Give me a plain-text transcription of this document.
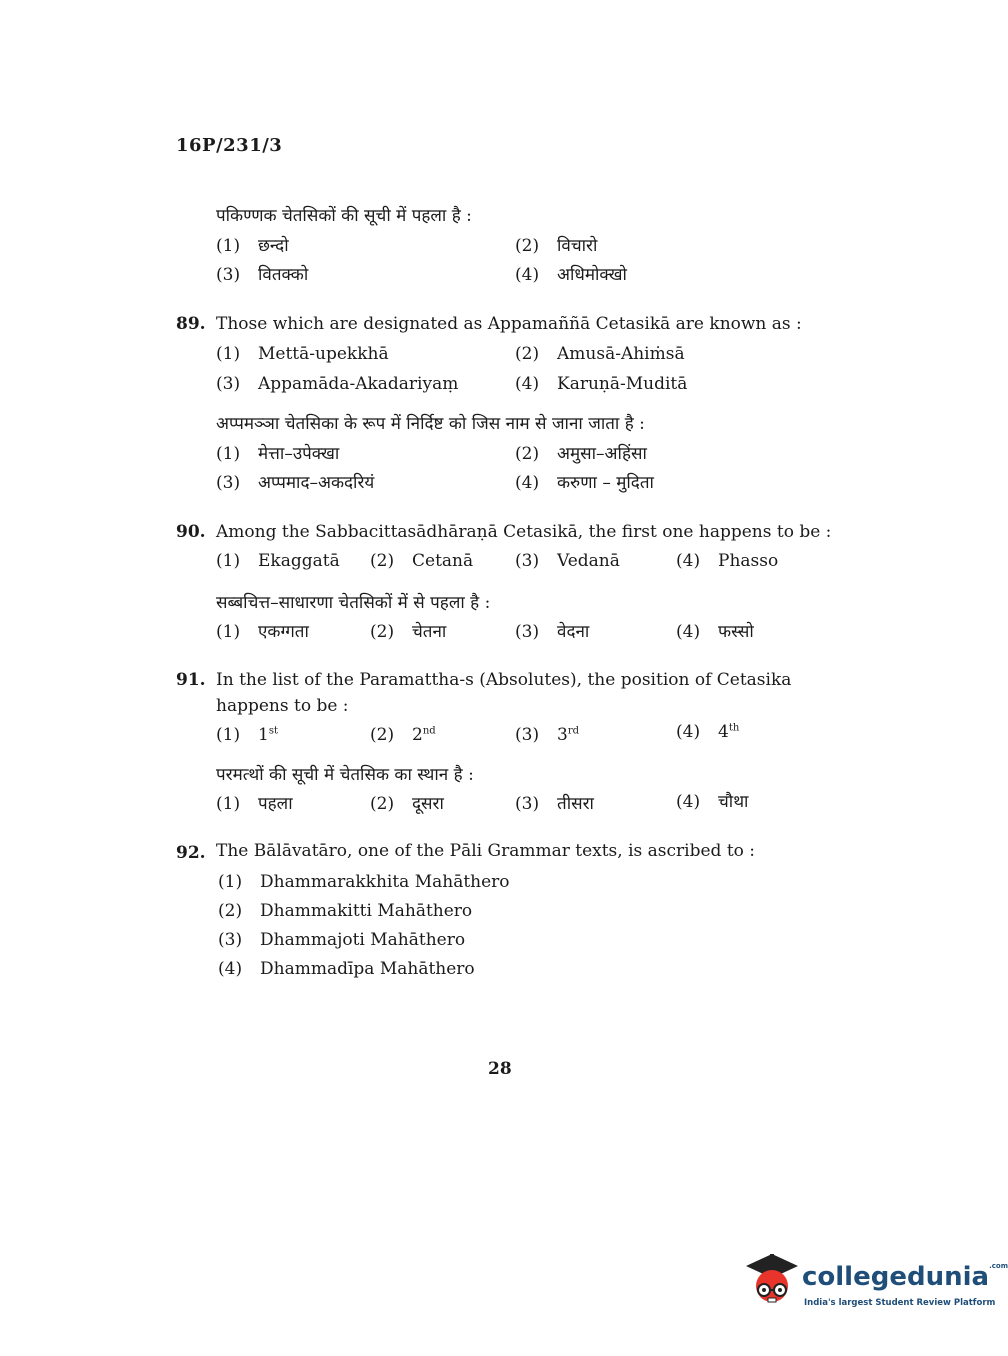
16P/231/3
पकिण्णक चेतसिकों की सूची में पहला है :
(1) छन्दो	(2) विचारो
(3) वितक्को	(4) अधिमोक्खो
89. Those which are designated as Appamaññā Cetasikā are known as :
(1) Mettā-upekkhā	(2) Amusā-Ahiṁsā
(3) Appamāda-Akadariyaṃ	(4) Karuṇā-Muditā
अप्पमञ्ञा चेतसिका के रूप में निर्दिष्ट को जिस नाम से जाना जाता है :
(1) मेत्ता–उपेक्खा	(2) अमुसा–अहिंसा
(3) अप्पमाद–अकदरियं	(4) करुणा – मुदिता
90. Among the Sabbacittasādhāraṇā Cetasikā, the first one happens to be :
(1) Ekaggatā (2) Cetanā (3) Vedanā	(4) Phasso
सब्बचित्त–साधारणा चेतसिकों में से पहला है :
(1) एकग्गता	(2) चेतना	(3) वेदना	(4) फस्सो
91. In the list of the Paramattha-s (Absolutes), the position of Cetasika
happens to be :
(1) 1st	(2) 2nd	(3) 3rd	(4) 4th
परमत्थों की सूची में चेतसिक का स्थान है :
(1) पहला	(2) दूसरा	(3) तीसरा	(4) चौथा
92. The Bālāvatāro, one of the Pāli Grammar texts, is ascribed to :
(1) Dhammarakkhita Mahāthero
(2) Dhammakitti Mahāthero
(3) Dhammajoti Mahāthero
(4) Dhammadīpa Mahāthero
28
collegedunia$^{.com}$
India's largest Student Review Platform
